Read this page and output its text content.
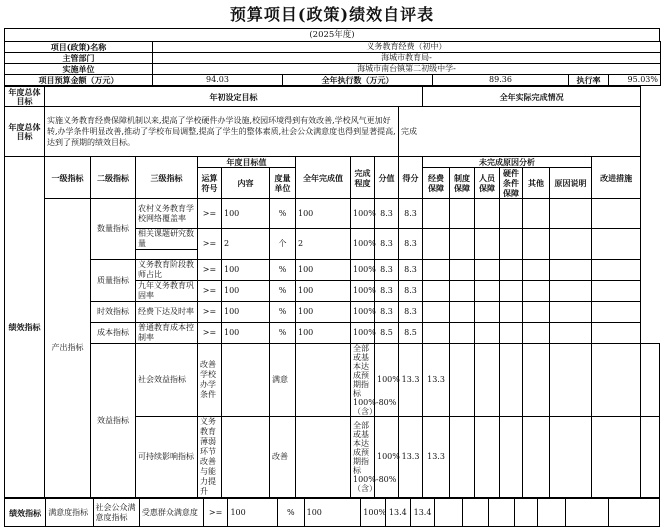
预算项目(政策)绩效自评表
(2025年度)
项目(政策)名称	义务教育经费（初中）				
主管部门	海城市教育局-				
实施单位	海城市南台镇第二初级中学-				
项目预算金额（万元）	94.03	全年执行数（万元）	89.36	执行率	95.03%
年度总体目标	年初设定目标										全年实际完成情况							
年度总体目标	实施义务教育经费保障机制以来,提高了学校硬件办学设施,校园环境得到有效改善,学校风气更加好转,办学条件明显改善,推动了学校布局调整,提高了学生的整体素质,社会公众满意度也得到显著提高,达到了预期的绩效目标。									完成								
绩效指标	一级指标	二级指标	三级指标	年度目标值			全年完成值	完成程度	分值	得分	未完成原因分析						改进措施	
				运算符号	内容	度量单位					经费保障	制度保障	人员保障	硬件条件保障	其他	原因说明		
	产出指标	数量指标	农村义务教育学校网络覆盖率	>=	100	%	100	100%	8.3	8.3								

			相关课题研究数量	>=	2	个	2	100%	8.3	8.3								

		质量指标	义务教育阶段教师占比	>=	100	%	100	100%	8.3	8.3								

			九年义务教育巩固率	>=	100	%	100	100%	8.3	8.3								

		时效指标	经费下达及时率	>=	100	%	100	100%	8.3	8.3								

		成本指标	普通教育成本控制率	>=	100	%	100	100%	8.5	8.5								

		效益指标	社会效益指标	改善学校办学条件		满意		全部或基本达成预期指标100%-80%（含）	100%	13.3	13.3							
			可持续影响指标	义务教育薄弱环节改善与能力提升		改善		全部或基本达成预期指标100%-80%（含）	100%	13.3	13.3							
绩效指标	满意度指标	社会公众满意度指标	受惠群众满意度	>=	100	%	100	100%	13.4	13.4							
